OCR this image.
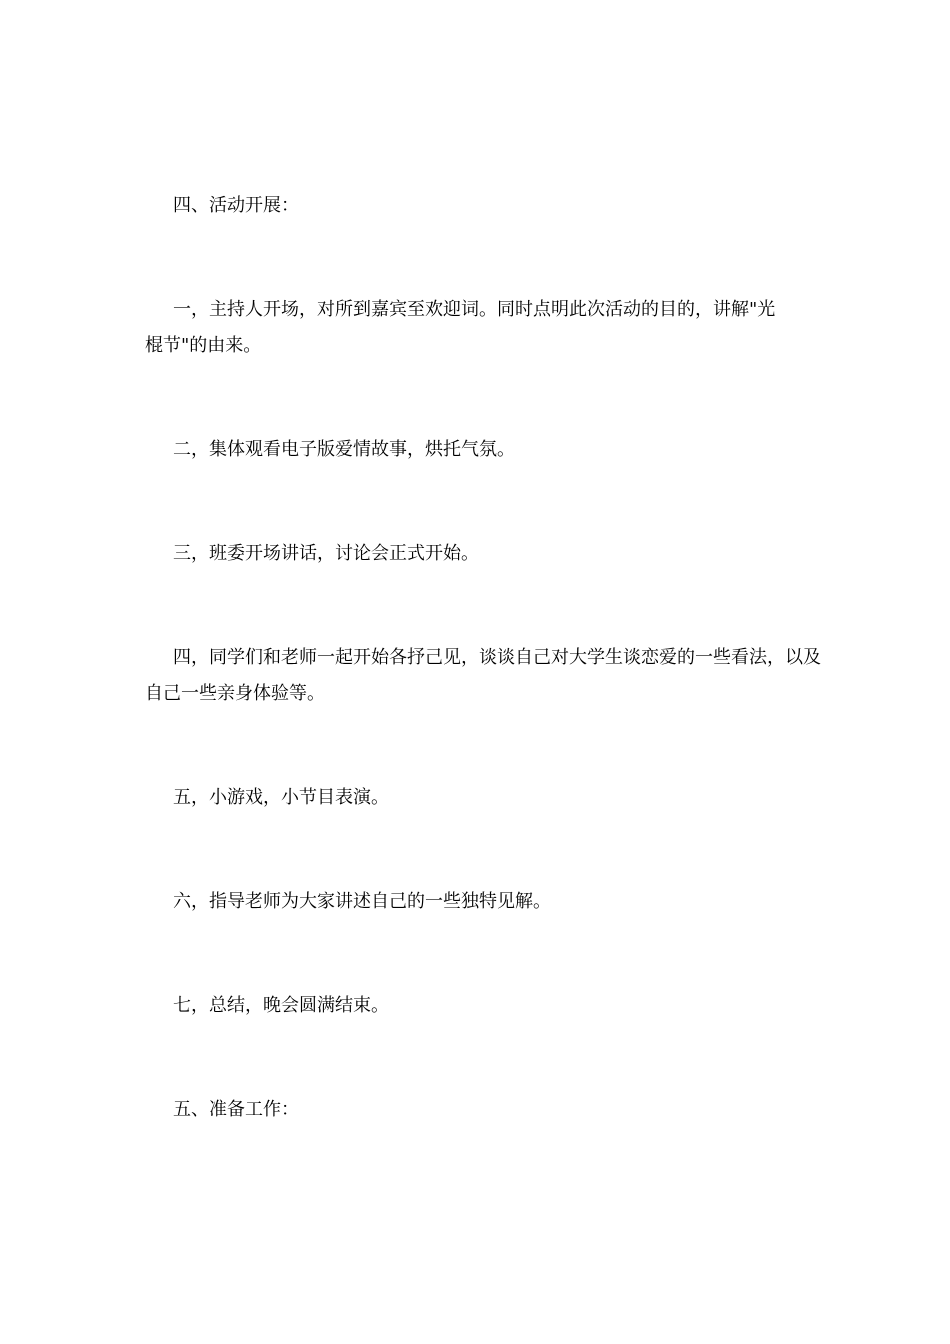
四、活动开展：

一，主持人开场，对所到嘉宾至欢迎词。同时点明此次活动的目的，讲解"光棍节"的由来。

二，集体观看电子版爱情故事，烘托气氛。

三，班委开场讲话，讨论会正式开始。

四，同学们和老师一起开始各抒己见，谈谈自己对大学生谈恋爱的一些看法，以及自己一些亲身体验等。

五，小游戏，小节目表演。

六，指导老师为大家讲述自己的一些独特见解。

七，总结，晚会圆满结束。

五、准备工作：
